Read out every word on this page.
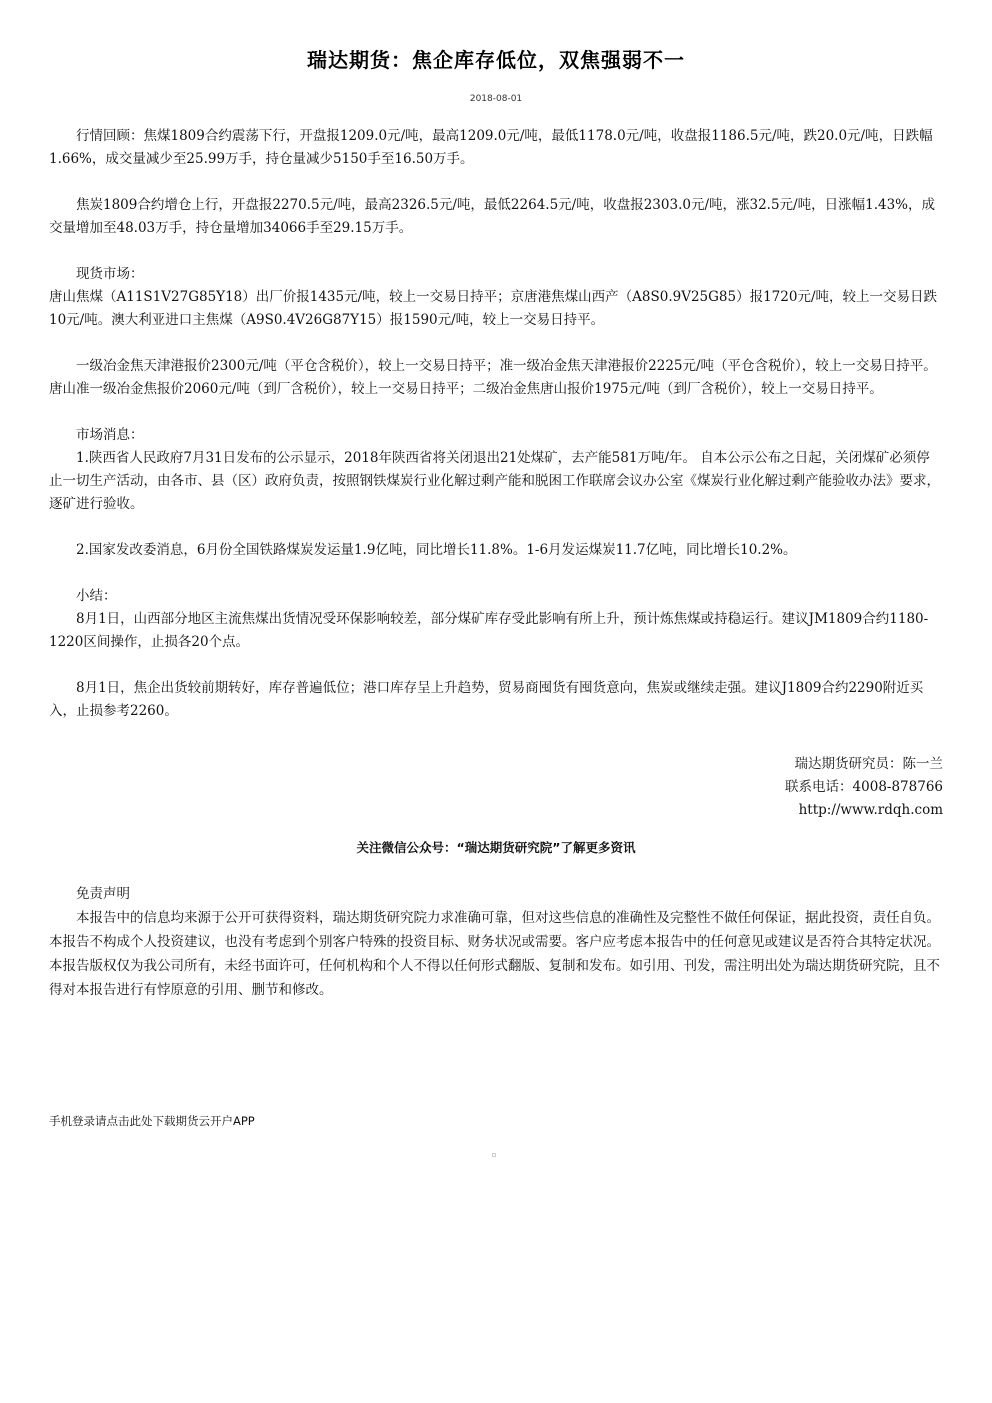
瑞达期货：焦企库存低位，双焦强弱不一
2018-08-01

行情回顾：焦煤1809合约震荡下行，开盘报1209.0元/吨，最高1209.0元/吨，最低1178.0元/吨，收盘报1186.5元/吨，跌20.0元/吨，日跌幅1.66%，成交量减少至25.99万手，持仓量减少5150手至16.50万手。

焦炭1809合约增仓上行，开盘报2270.5元/吨，最高2326.5元/吨，最低2264.5元/吨，收盘报2303.0元/吨，涨32.5元/吨，日涨幅1.43%，成交量增加至48.03万手，持仓量增加34066手至29.15万手。

现货市场：

唐山焦煤（A11S1V27G85Y18）出厂价报1435元/吨，较上一交易日持平；京唐港焦煤山西产（A8S0.9V25G85）报1720元/吨，较上一交易日跌10元/吨。澳大利亚进口主焦煤（A9S0.4V26G87Y15）报1590元/吨，较上一交易日持平。

一级冶金焦天津港报价2300元/吨（平仓含税价），较上一交易日持平；准一级冶金焦天津港报价2225元/吨（平仓含税价），较上一交易日持平。唐山准一级冶金焦报价2060元/吨（到厂含税价），较上一交易日持平；二级冶金焦唐山报价1975元/吨（到厂含税价），较上一交易日持平。

市场消息：

1.陕西省人民政府7月31日发布的公示显示，2018年陕西省将关闭退出21处煤矿，去产能581万吨/年。 自本公示公布之日起，关闭煤矿必须停止一切生产活动，由各市、县（区）政府负责，按照钢铁煤炭行业化解过剩产能和脱困工作联席会议办公室《煤炭行业化解过剩产能验收办法》要求，逐矿进行验收。

2.国家发改委消息，6月份全国铁路煤炭发运量1.9亿吨，同比增长11.8%。1-6月发运煤炭11.7亿吨，同比增长10.2%。

小结：

8月1日，山西部分地区主流焦煤出货情况受环保影响较差，部分煤矿库存受此影响有所上升，预计炼焦煤或持稳运行。建议JM1809合约1180-1220区间操作，止损各20个点。

8月1日，焦企出货较前期转好，库存普遍低位；港口库存呈上升趋势，贸易商囤货有囤货意向，焦炭或继续走强。建议J1809合约2290附近买入，止损参考2260。

瑞达期货研究员：陈一兰
联系电话：4008-878766
http://www.rdqh.com
关注微信公众号：“瑞达期货研究院”了解更多资讯

免责声明

本报告中的信息均来源于公开可获得资料，瑞达期货研究院力求准确可靠，但对这些信息的准确性及完整性不做任何保证，据此投资，责任自负。本报告不构成个人投资建议，也没有考虑到个别客户特殊的投资目标、财务状况或需要。客户应考虑本报告中的任何意见或建议是否符合其特定状况。本报告版权仅为我公司所有，未经书面许可，任何机构和个人不得以任何形式翻版、复制和发布。如引用、刊发，需注明出处为瑞达期货研究院，且不得对本报告进行有悖原意的引用、删节和修改。

手机登录请点击此处下载期货云开户APP
